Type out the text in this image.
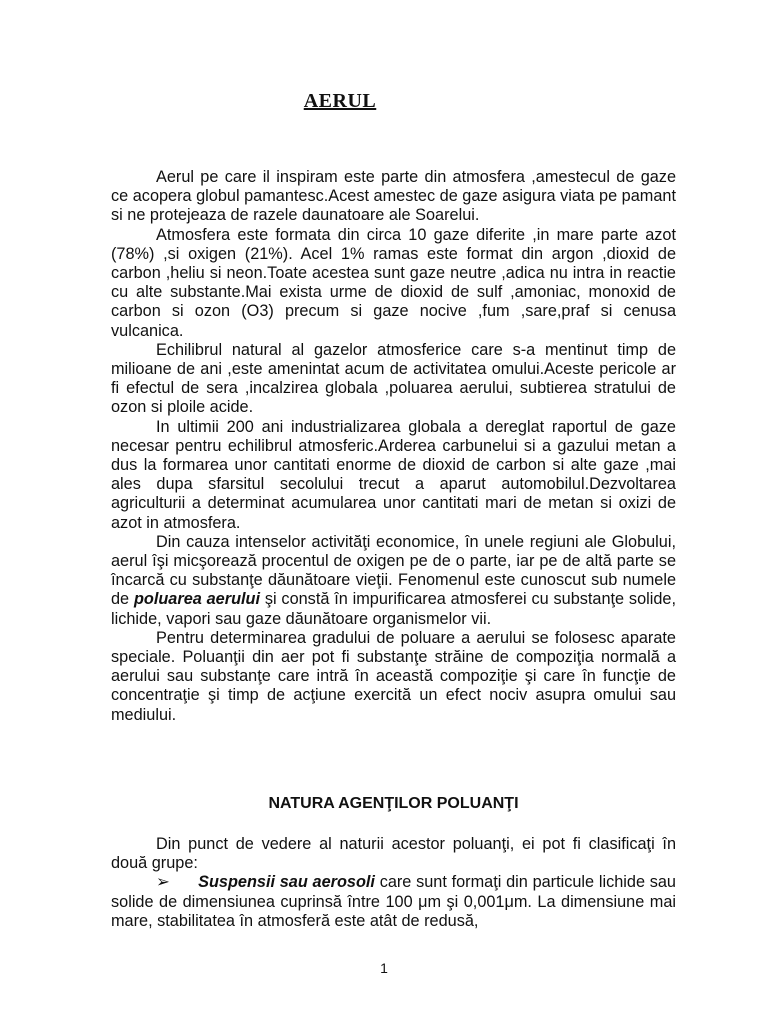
AERUL

Aerul pe care il inspiram este parte din atmosfera ,amestecul de gaze ce acopera globul pamantesc.Acest amestec de gaze asigura viata pe pamant si ne protejeaza de razele daunatoare ale Soarelui.

Atmosfera este formata din circa 10 gaze diferite ,in mare parte azot (78%) ,si oxigen (21%). Acel 1% ramas este format din argon ,dioxid de carbon ,heliu si neon.Toate acestea sunt gaze neutre ,adica nu intra in reactie cu alte substante.Mai exista urme de dioxid de sulf ,amoniac, monoxid de carbon si ozon (O3) precum si gaze nocive ,fum ,sare,praf si cenusa vulcanica.

Echilibrul natural al gazelor atmosferice care s-a mentinut timp de milioane de ani ,este amenintat acum de activitatea omului.Aceste pericole ar fi efectul de sera ,incalzirea globala ,poluarea aerului, subtierea stratului de ozon si ploile acide.

In ultimii 200 ani industrializarea globala a dereglat raportul de gaze necesar pentru echilibrul atmosferic.Arderea carbunelui si a gazului metan a dus la formarea unor cantitati enorme de dioxid de carbon si alte gaze ,mai ales dupa sfarsitul secolului trecut a aparut automobilul.Dezvoltarea agriculturii a determinat acumularea unor cantitati mari de metan si oxizi de azot in atmosfera.

Din cauza intenselor activităţi economice, în unele regiuni ale Globului, aerul îşi micşorează procentul de oxigen pe de o parte, iar pe de altă parte se încarcă cu substanţe dăunătoare vieţii. Fenomenul este cunoscut sub numele de poluarea aerului şi constă în impurificarea atmosferei cu substanţe solide, lichide, vapori sau gaze dăunătoare organismelor vii.

Pentru determinarea gradului de poluare a aerului se folosesc aparate speciale. Poluanţii din aer pot fi substanţe străine de compoziţia normală a aerului sau substanţe care intră în această compoziţie şi care în funcţie de concentraţie şi timp de acţiune exercită un efect nociv asupra omului sau mediului.

NATURA AGENŢILOR POLUANŢI

Din punct de vedere al naturii acestor poluanţi, ei pot fi clasificaţi în două grupe:

➢ Suspensii sau aerosoli care sunt formaţi din particule lichide sau solide de dimensiunea cuprinsă între 100 μm şi 0,001μm. La dimensiune mai mare, stabilitatea în atmosferă este atât de redusă,

1
